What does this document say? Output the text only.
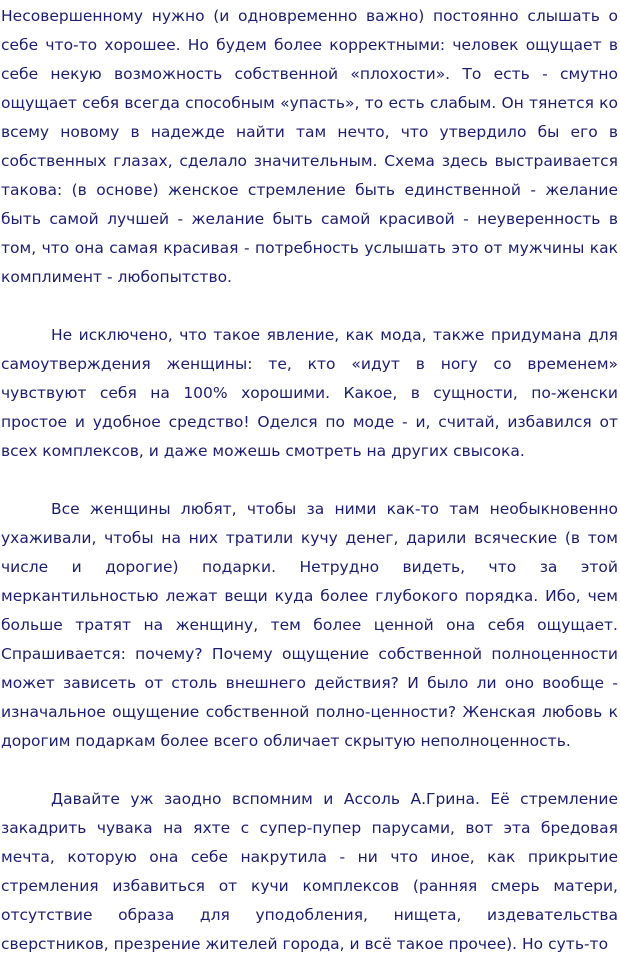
Несовершенному нужно (и одновременно важно) постоянно слышать о
себе что-то хорошее. Но будем более корректными: человек ощущает в
себе некую возможность собственной «плохости». То есть - смутно
ощущает себя всегда способным «упасть», то есть слабым. Он тянется ко
всему новому в надежде найти там нечто, что утвердило бы его в
собственных глазах, сделало значительным. Схема здесь выстраивается
такова: (в основе) женское стремление быть единственной - желание
быть самой лучшей - желание быть самой красивой - неуверенность в
том, что она самая красивая - потребность услышать это от мужчины как
комплимент - любопытство.
Не исключено, что такое явление, как мода, также придумана для
самоутверждения женщины: те, кто «идут в ногу со временем»
чувствуют себя на 100% хорошими. Какое, в сущности, по-женски
простое и удобное средство! Оделся по моде - и, считай, избавился от
всех комплексов, и даже можешь смотреть на других свысока.
Все женщины любят, чтобы за ними как-то там необыкновенно
ухаживали, чтобы на них тратили кучу денег, дарили всяческие (в том
числе и дорогие) подарки. Нетрудно видеть, что за этой
меркантильностью лежат вещи куда более глубокого порядка. Ибо, чем
больше тратят на женщину, тем более ценной она себя ощущает.
Спрашивается: почему? Почему ощущение собственной полноценности
может зависеть от столь внешнего действия? И было ли оно вообще -
изначальное ощущение собственной полно-ценности? Женская любовь к
дорогим подаркам более всего обличает скрытую неполноценность.
Давайте уж заодно вспомним и Ассоль А.Грина. Её стремление
закадрить чувака на яхте с супер-пупер парусами, вот эта бредовая
мечта, которую она себе накрутила - ни что иное, как прикрытие
стремления избавиться от кучи комплексов (ранняя смерь матери,
отсутствие образа для уподобления, нищета, издевательства
сверстников, презрение жителей города, и всё такое прочее). Но суть-то
